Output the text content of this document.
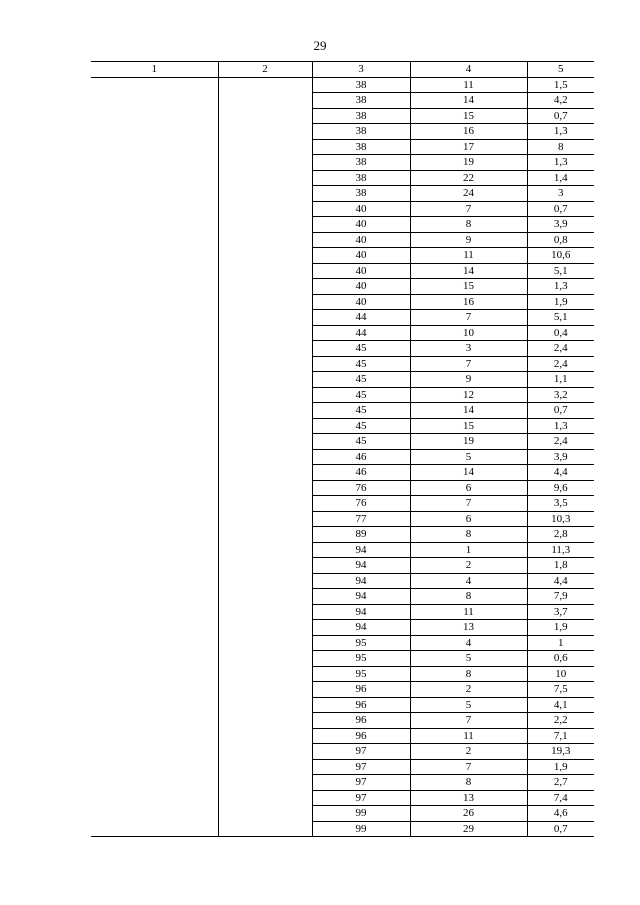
29
1	2	3	4	5
		38	11	1,5
		38	14	4,2
		38	15	0,7
		38	16	1,3
		38	17	8
		38	19	1,3
		38	22	1,4
		38	24	3
		40	7	0,7
		40	8	3,9
		40	9	0,8
		40	11	10,6
		40	14	5,1
		40	15	1,3
		40	16	1,9
		44	7	5,1
		44	10	0,4
		45	3	2,4
		45	7	2,4
		45	9	1,1
		45	12	3,2
		45	14	0,7
		45	15	1,3
		45	19	2,4
		46	5	3,9
		46	14	4,4
		76	6	9,6
		76	7	3,5
		77	6	10,3
		89	8	2,8
		94	1	11,3
		94	2	1,8
		94	4	4,4
		94	8	7,9
		94	11	3,7
		94	13	1,9
		95	4	1
		95	5	0,6
		95	8	10
		96	2	7,5
		96	5	4,1
		96	7	2,2
		96	11	7,1
		97	2	19,3
		97	7	1,9
		97	8	2,7
		97	13	7,4
		99	26	4,6
		99	29	0,7
